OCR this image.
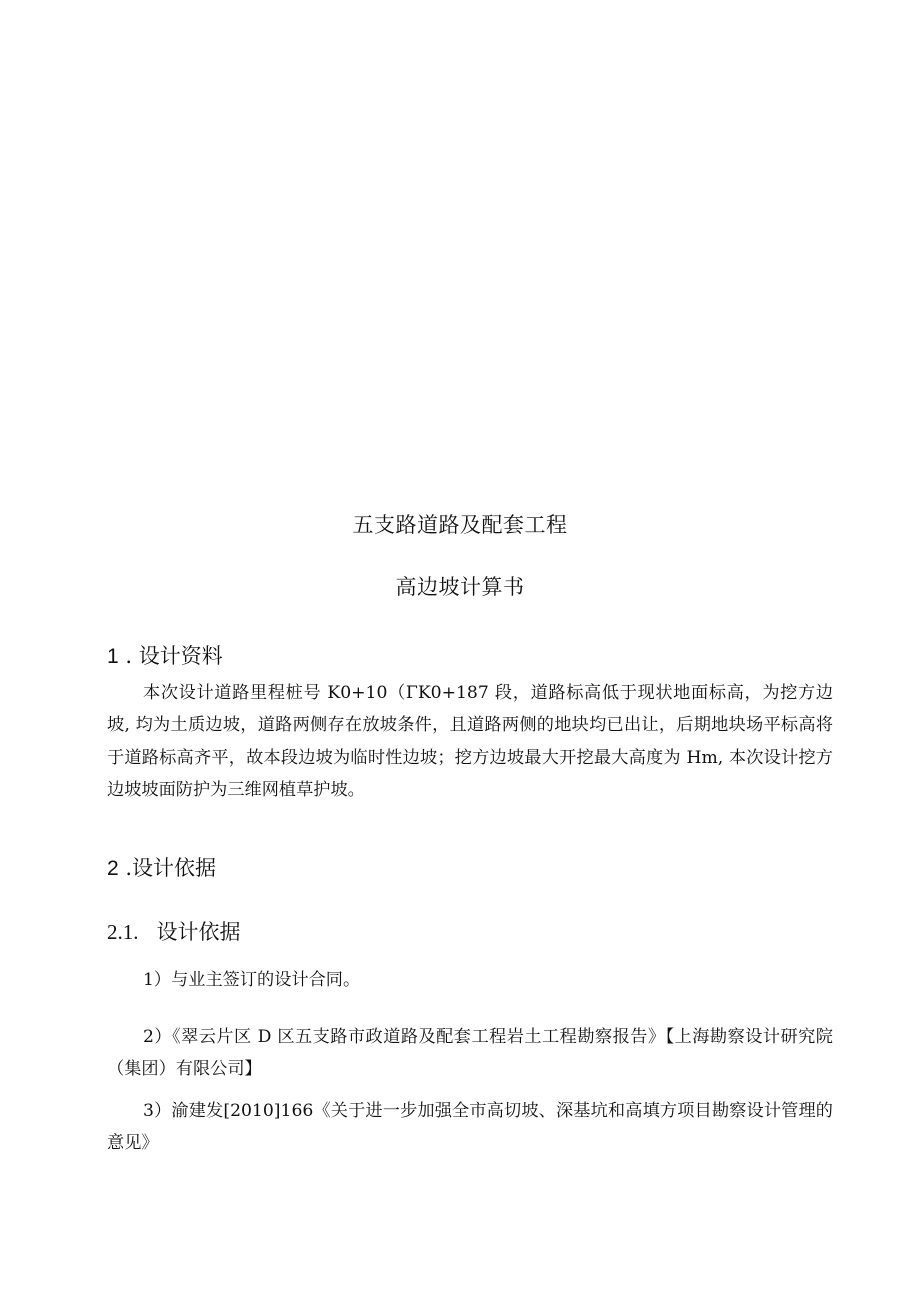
五支路道路及配套工程
高边坡计算书
1 . 设计资料
本次设计道路里程桩号 K0+10（ΓK0+187 段，道路标高低于现状地面标高，为挖方边坡, 均为土质边坡，道路两侧存在放坡条件，且道路两侧的地块均已出让，后期地块场平标高将于道路标高齐平，故本段边坡为临时性边坡；挖方边坡最大开挖最大高度为 Hm, 本次设计挖方边坡坡面防护为三维网植草护坡。
2 .设计依据
2.1. 设计依据
1）与业主签订的设计合同。
2）《翠云片区 D 区五支路市政道路及配套工程岩土工程勘察报告》【上海勘察设计研究院（集团）有限公司】
3）渝建发[2010]166《关于进一步加强全市高切坡、深基坑和高填方项目勘察设计管理的意见》
